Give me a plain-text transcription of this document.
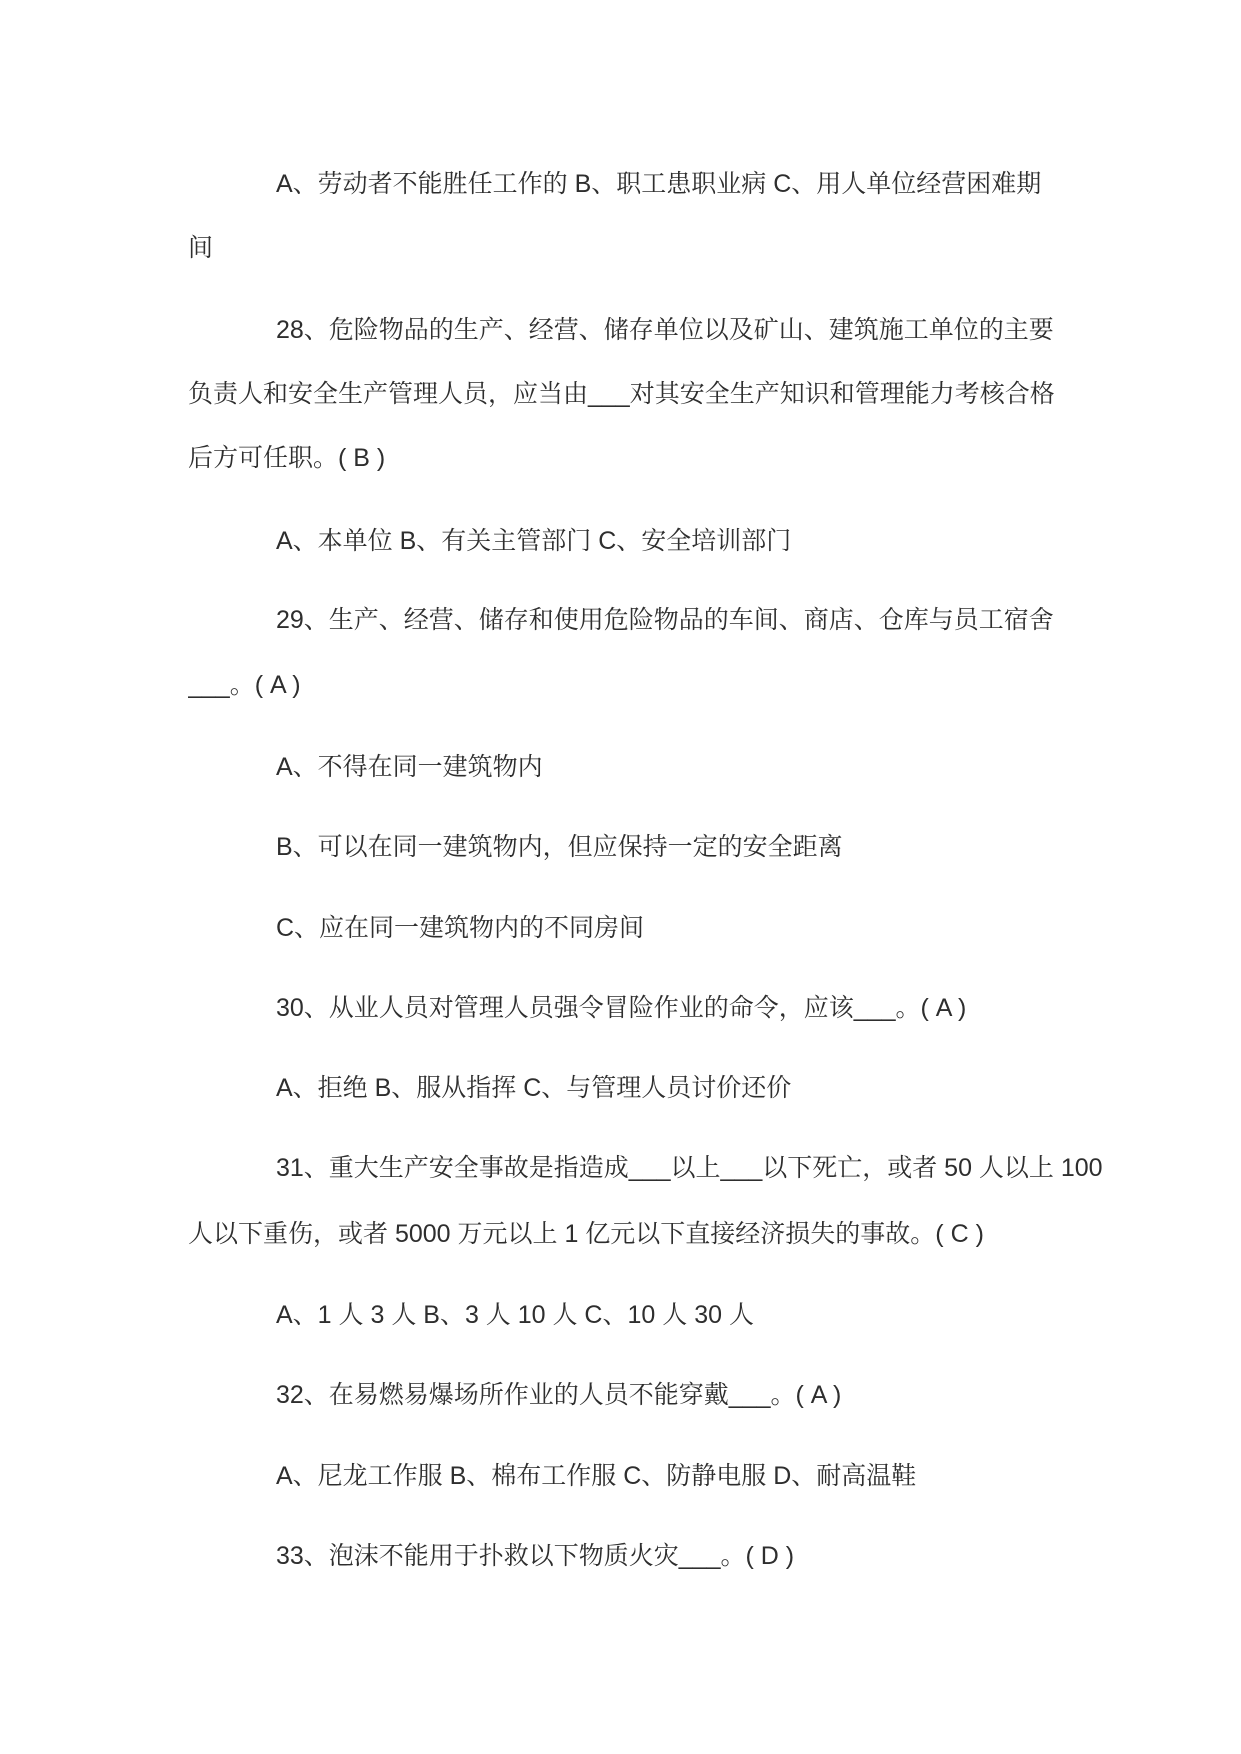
A、劳动者不能胜任工作的 B、职工患职业病 C、用人单位经营困难期
间
28、危险物品的生产、经营、储存单位以及矿山、建筑施工单位的主要
负责人和安全生产管理人员，应当由___对其安全生产知识和管理能力考核合格
后方可任职。( B )
A、本单位 B、有关主管部门 C、安全培训部门
29、生产、经营、储存和使用危险物品的车间、商店、仓库与员工宿舍
___。( A )
A、不得在同一建筑物内
B、可以在同一建筑物内，但应保持一定的安全距离
C、应在同一建筑物内的不同房间
30、从业人员对管理人员强令冒险作业的命令，应该___。( A )
A、拒绝 B、服从指挥 C、与管理人员讨价还价
31、重大生产安全事故是指造成___以上___以下死亡，或者 50 人以上 100
人以下重伤，或者 5000 万元以上 1 亿元以下直接经济损失的事故。( C )
A、1 人 3 人 B、3 人 10 人 C、10 人 30 人
32、在易燃易爆场所作业的人员不能穿戴___。( A )
A、尼龙工作服 B、棉布工作服 C、防静电服 D、耐高温鞋
33、泡沫不能用于扑救以下物质火灾___。( D )
